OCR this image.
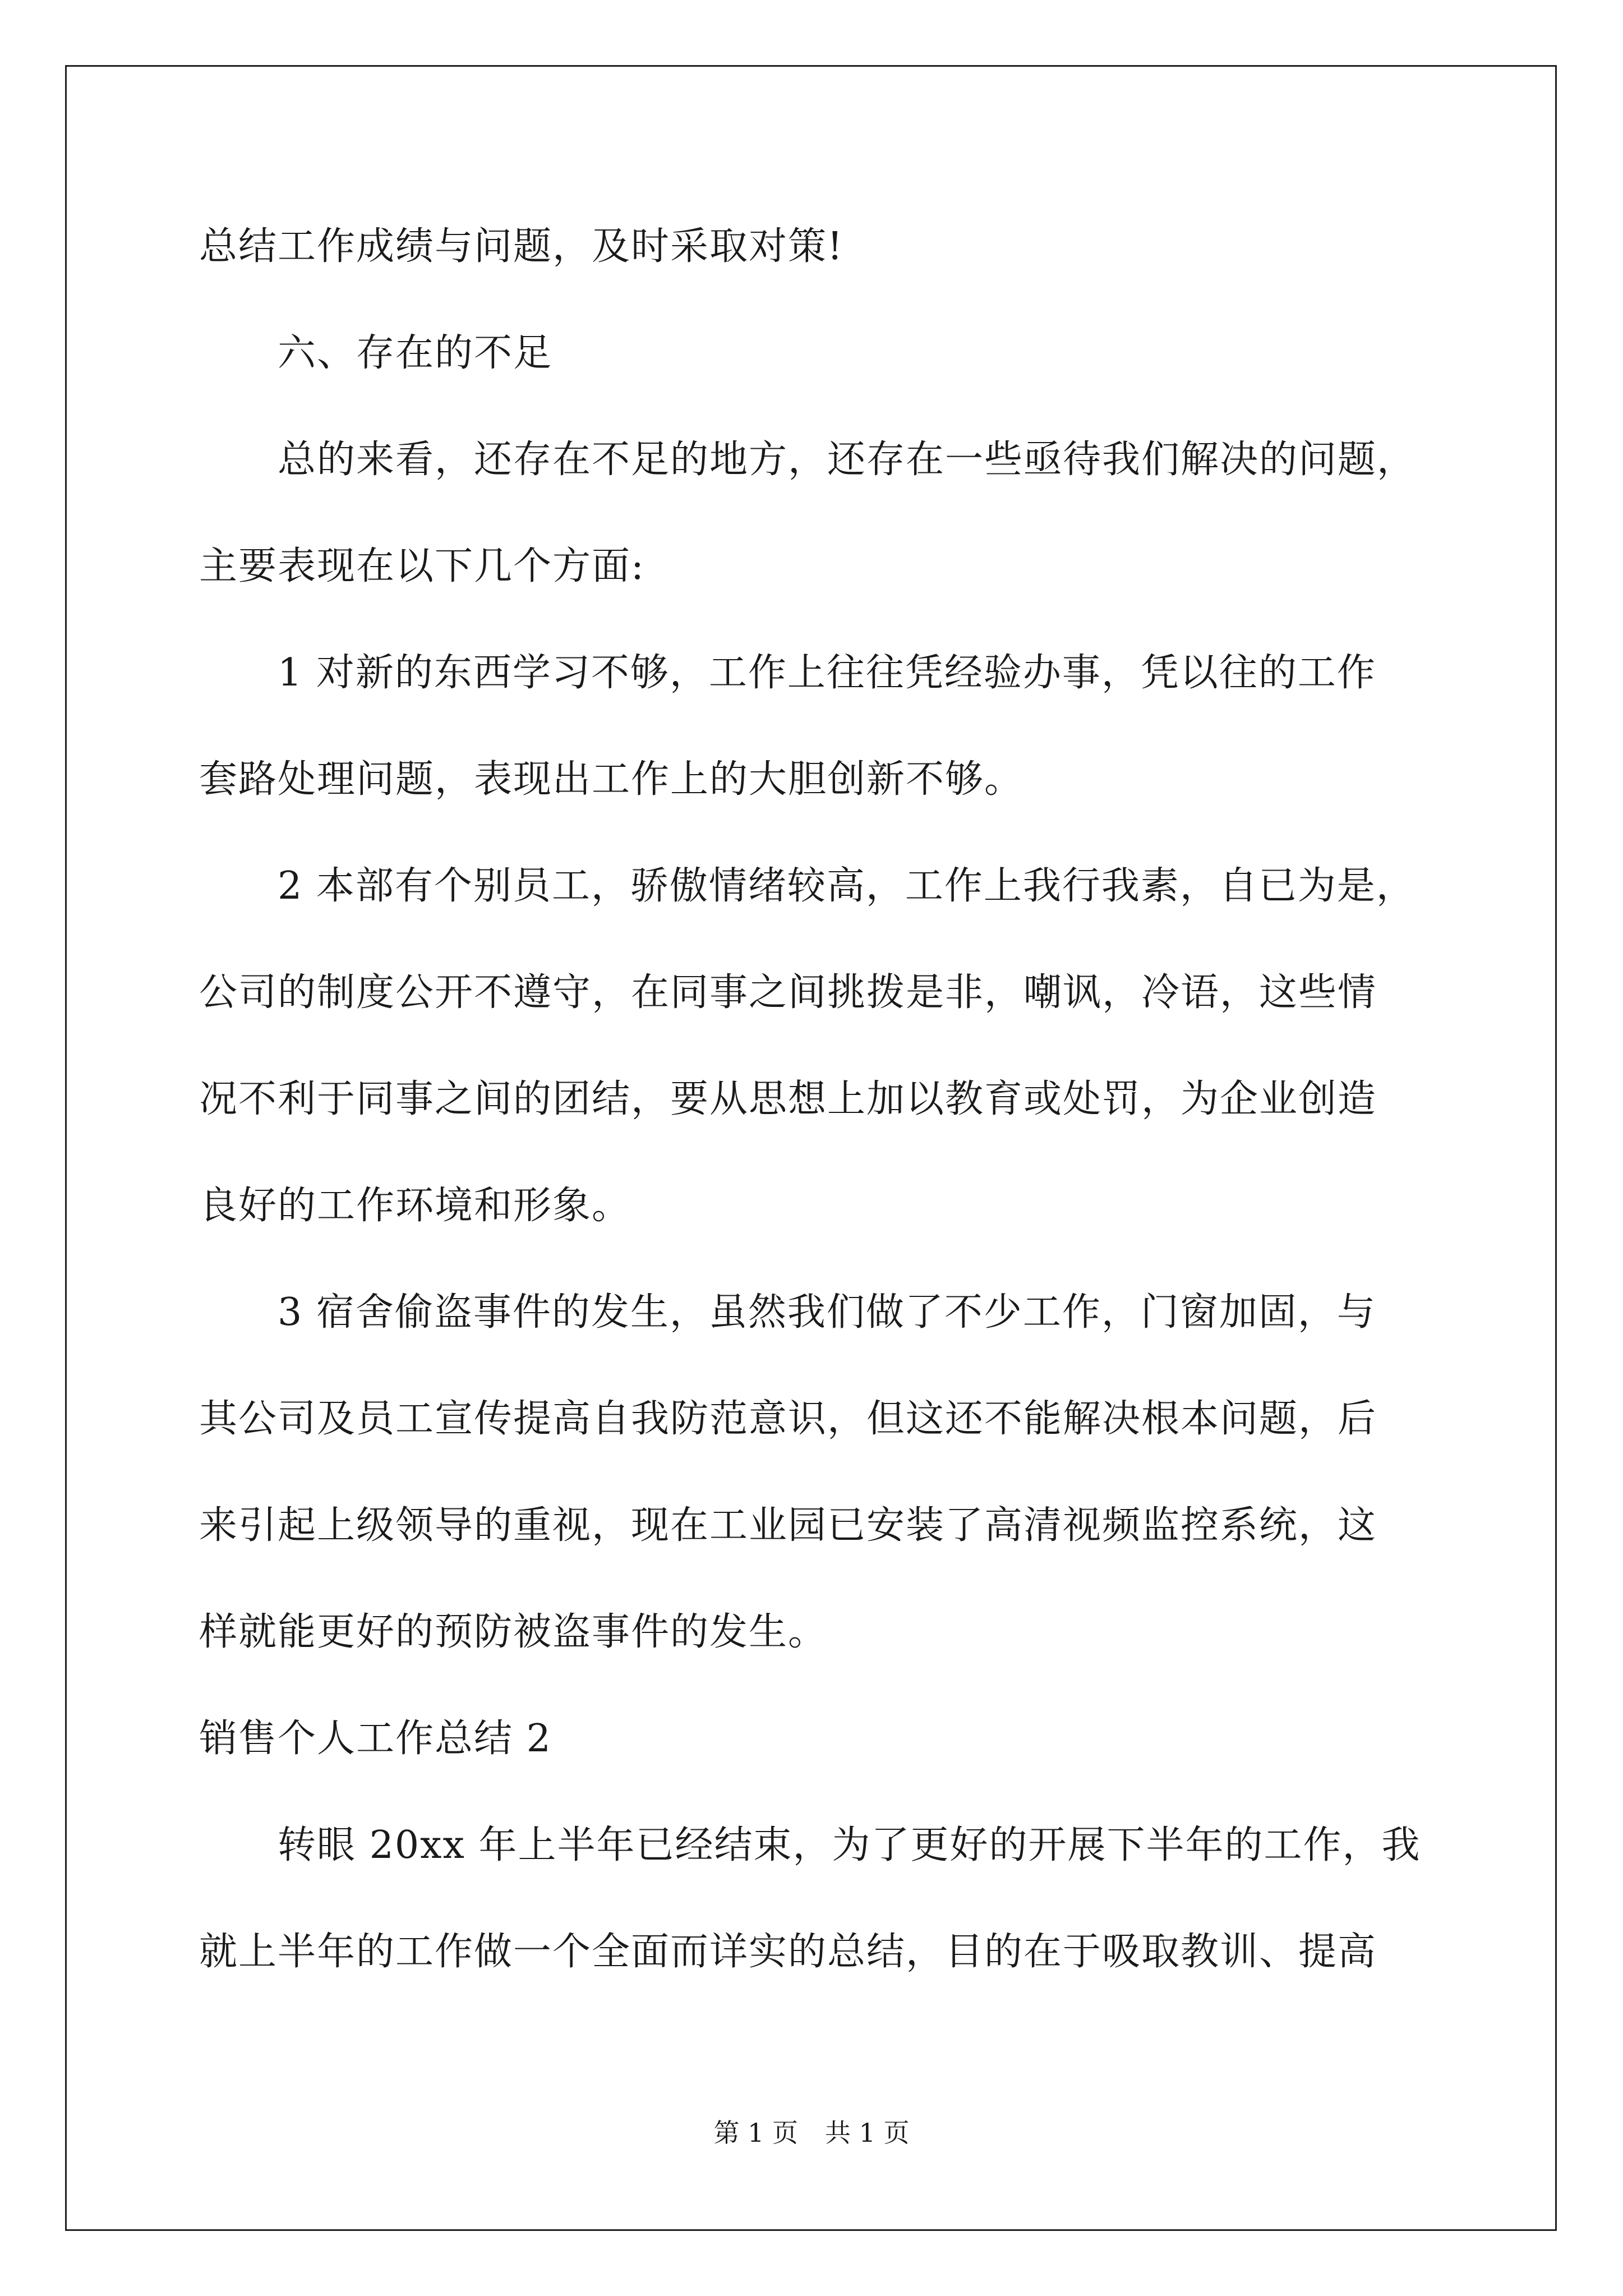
总结工作成绩与问题，及时采取对策!
六、存在的不足
总的来看，还存在不足的地方，还存在一些亟待我们解决的问题，
主要表现在以下几个方面:
1 对新的东西学习不够，工作上往往凭经验办事，凭以往的工作
套路处理问题，表现出工作上的大胆创新不够。
2 本部有个别员工，骄傲情绪较高，工作上我行我素，自已为是，
公司的制度公开不遵守，在同事之间挑拨是非，嘲讽，冷语，这些情
况不利于同事之间的团结，要从思想上加以教育或处罚，为企业创造
良好的工作环境和形象。
3 宿舍偷盗事件的发生，虽然我们做了不少工作，门窗加固，与
其公司及员工宣传提高自我防范意识，但这还不能解决根本问题，后
来引起上级领导的重视，现在工业园已安装了高清视频监控系统，这
样就能更好的预防被盗事件的发生。
销售个人工作总结 2
转眼 20xx 年上半年已经结束，为了更好的开展下半年的工作，我
就上半年的工作做一个全面而详实的总结，目的在于吸取教训、提高
第 1 页 共 1 页
